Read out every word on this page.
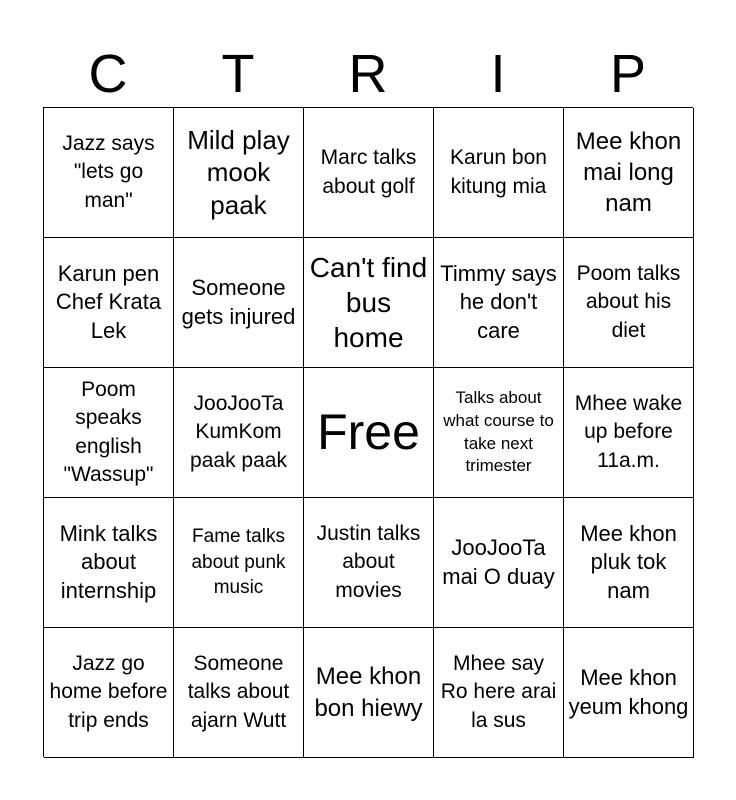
C	T	R	I	P
Jazz says "lets go man"
Mild play mook paak
Marc talks about golf
Karun bon kitung mia
Mee khon mai long nam
Karun pen Chef Krata Lek
Someone gets injured
Can't find bus home
Timmy says he don't care
Poom talks about his diet
Poom speaks english "Wassup"
JooJooTa KumKom paak paak
Free
Talks about what course to take next trimester
Mhee wake up before 11a.m.
Mink talks about internship
Fame talks about punk music
Justin talks about movies
JooJooTa mai O duay
Mee khon pluk tok nam
Jazz go home before trip ends
Someone talks about ajarn Wutt
Mee khon bon hiewy
Mhee say Ro here arai la sus
Mee khon yeum khong
